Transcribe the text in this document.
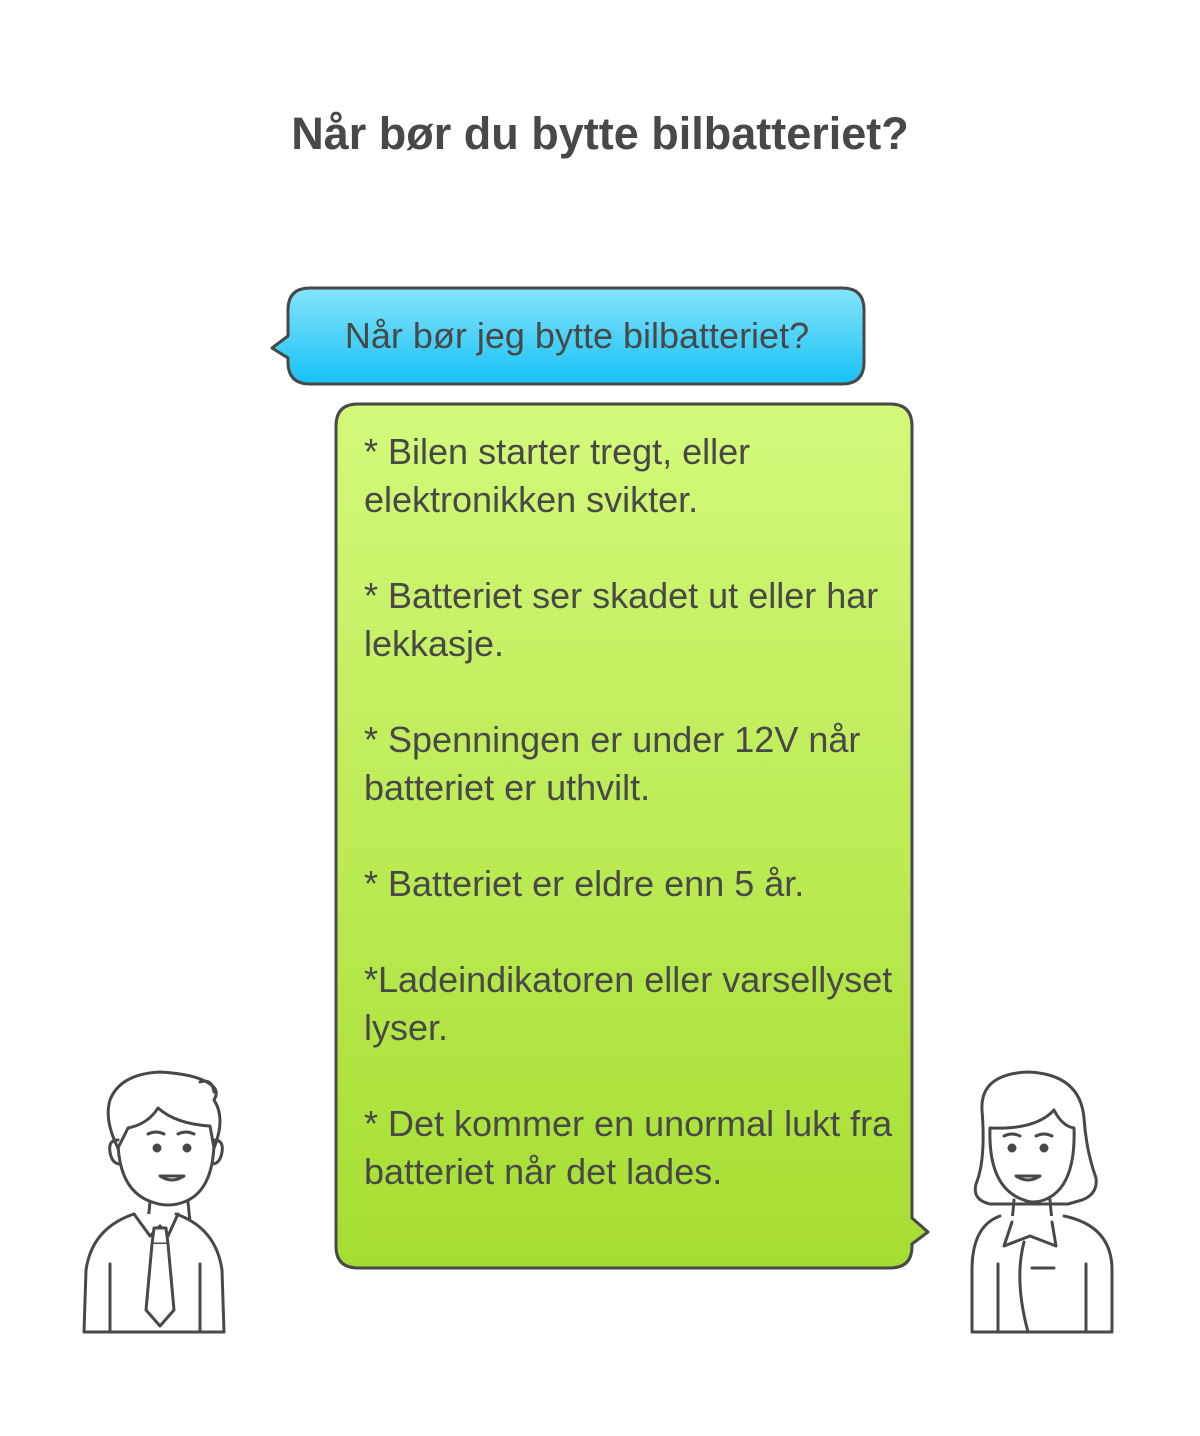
Når bør du bytte bilbatteriet?
Når bør jeg bytte bilbatteriet?
* Bilen starter tregt, eller elektronikken svikter.
* Batteriet ser skadet ut eller har lekkasje.
* Spenningen er under 12V når batteriet er uthvilt.
* Batteriet er eldre enn 5 år.
*Ladeindikatoren eller varsellyset lyser.
* Det kommer en unormal lukt fra batteriet når det lades.
